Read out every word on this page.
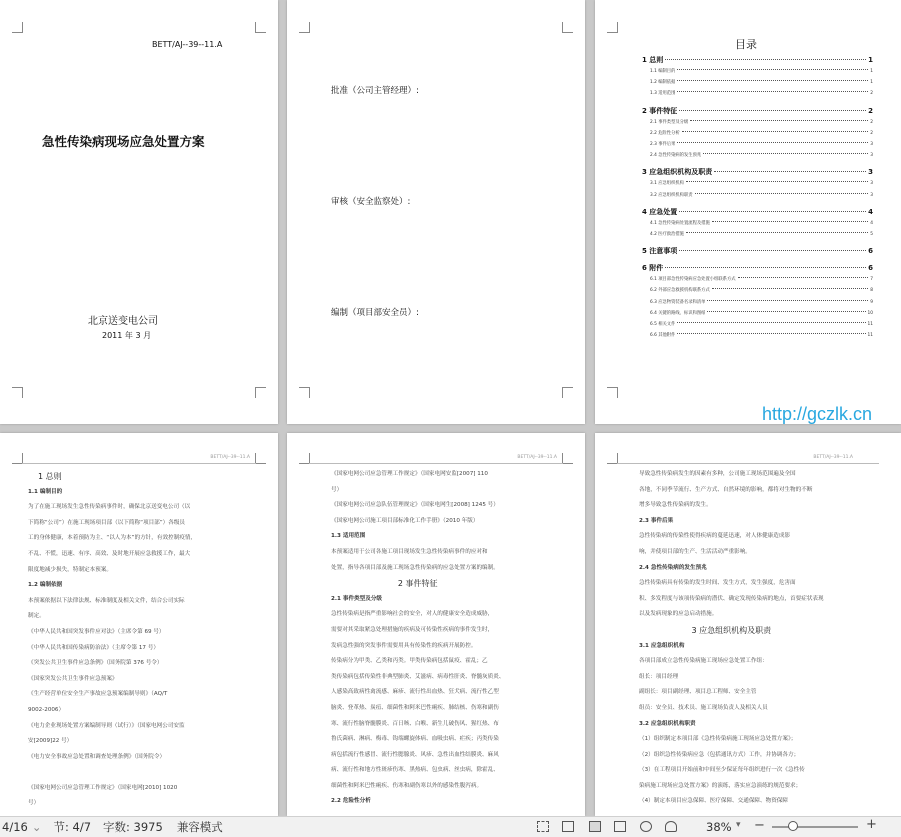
BETT/AJ--39--11.A
急性传染病现场应急处置方案
北京送变电公司
2011 年 3 月
批准（公司主管经理）:
审核（安全监察处）:
编制（项目部安全员）:
目录
1 总则	1
1.1 编制目的	1
1.2 编制依据	1
1.3 适用范围	2
2 事件特征	2
2.1 事件类型及分级	2
2.2 危险性分析	2
2.3 事件后果	3
2.4 急性传染病的发生预兆	3
3 应急组织机构及职责	3
3.1 应急组织机构	3
3.2 应急组织机构职责	3
4 应急处置	4
4.1 急性传染病处置流程及措施	4
4.2 医疗救治措施	5
5 注意事项	6
6 附件	6
6.1 项目部急性传染病应急处置小组联系方式	7
6.2 外部应急救援机构联系方式	8
6.3 应急物资装备名录和清单	9
6.4 关键的路线、标识和图纸	10
6.5 相关文件	11
6.6 其他附件	11
BETT/AJ--39--11.A
1 总则
1.1 编制目的
为了在施工现场发生急性传染病事件时，确保北京送变电公司（以
下简称“公司”）在施工现场项目部（以下简称“项目部”）各级员
工的身体健康，本着预防为主、“以人为本”的方针，有效控制疫情，
不乱、不慌，迅速、有序、高效、及时地开展应急救援工作，最大
限度地减少损失，特制定本预案。
1.2 编制依据
本预案依据以下法律法规、标准制度及相关文件，结合公司实际
制定。
《中华人民共和国突发事件应对法》（主席令第 69 号）
《中华人民共和国传染病防治法》（主席令第 17 号）
《突发公共卫生事件应急条例》（国务院第 376 号令）
《国家突发公共卫生事件应急预案》
《生产经营单位安全生产事故应急预案编制导则》（AQ/T
9002-2006）
《电力企业现场处置方案编制导则（试行）》（国家电网公司安监
安[2009]22 号）
《电力安全事故应急处置和调查处理条例》（国务院令）

《国家电网公司应急管理工作规定》（国家电网[2010] 1020
号）
BETT/AJ--39--11.A
《国家电网公司应急管理工作规定》（国家电网安监[2007] 110
号）
《国家电网公司应急队伍管理规定》（国家电网生[2008] 1245 号）
《国家电网公司施工项目部标准化工作手册》（2010 年版）
1.3 适用范围
本预案适用于公司各施工项目现场发生急性传染病事件的应对和
处置，指导各项目部及施工现场急性传染病的应急处置方案的编制。
2 事件特征
2.1 事件类型及分级
急性传染病是指严重影响社会的安全，对人的健康安全造成威胁，
需要对其采取紧急处理措施的疾病及可传染性疾病的事件发生时，
发病急性强的突发事件需要用具有传染性的疾病开展防控。
传染病分为甲类、乙类和丙类。甲类传染病包括鼠疫、霍乱；乙
类传染病包括传染性非典型肺炎、艾滋病、病毒性肝炎、脊髓灰质炎、
人感染高致病性禽流感、麻疹、流行性出血热、狂犬病、流行性乙型
脑炎、登革热、炭疽、细菌性和阿米巴性痢疾、肺结核、伤寒和副伤
寒、流行性脑脊髓膜炎、百日咳、白喉、新生儿破伤风、猩红热、布
鲁氏菌病、淋病、梅毒、钩端螺旋体病、血吸虫病、疟疾；丙类传染
病包括流行性感冒、流行性腮腺炎、风疹、急性出血性结膜炎、麻风
病、流行性和地方性斑疹伤寒、黑热病、包虫病、丝虫病，除霍乱、
细菌性和阿米巴性痢疾、伤寒和副伤寒以外的感染性腹泻病。
2.2 危险性分析
BETT/AJ--39--11.A
导致急性传染病发生的因素有多种，公司施工现场范围遍及全国
各地，不同季节流行、生产方式、自然环境的影响，都将对生物的不断
增多导致急性传染病的发生。
2.3 事件后果
急性传染病的传染性使得疾病的蔓延迅速，对人体健康造成影
响，并使项目部的生产、生活活动严重影响。
2.4 急性传染病的发生预兆
急性传染病具有传染的发生时间、发生方式，发生强度，危害面
积、多发程度与该项传染病的潜伏、确定发现传染病的地点，首要症状表现
以及发病现象的应急启动措施。
3 应急组织机构及职责
3.1 应急组织机构
各项目部成立急性传染病施工现场应急处置工作组：
组长：项目经理
副组长：项目副经理、项目总工程师、安全主管
组员：安全员、技术员、施工现场负责人及相关人员
3.2 应急组织机构职责
（1）组织制定本项目部《急性传染病施工现场应急处置方案》；
（2）组织急性传染病应急（包括通讯方式）工作，并协调各方；
（3）在工程项目开始前和中间至少保证每年组织进行一次《急性传
染病施工现场应急处置方案》的演练，落实应急演练的规范要求；
（4）制定本项目应急保障、医疗保障、交通保障、物资保障
http://gczlk.cn
4/16 ⌄ 节: 4/7 字数: 3975 兼容模式	38% ▾ −	+
